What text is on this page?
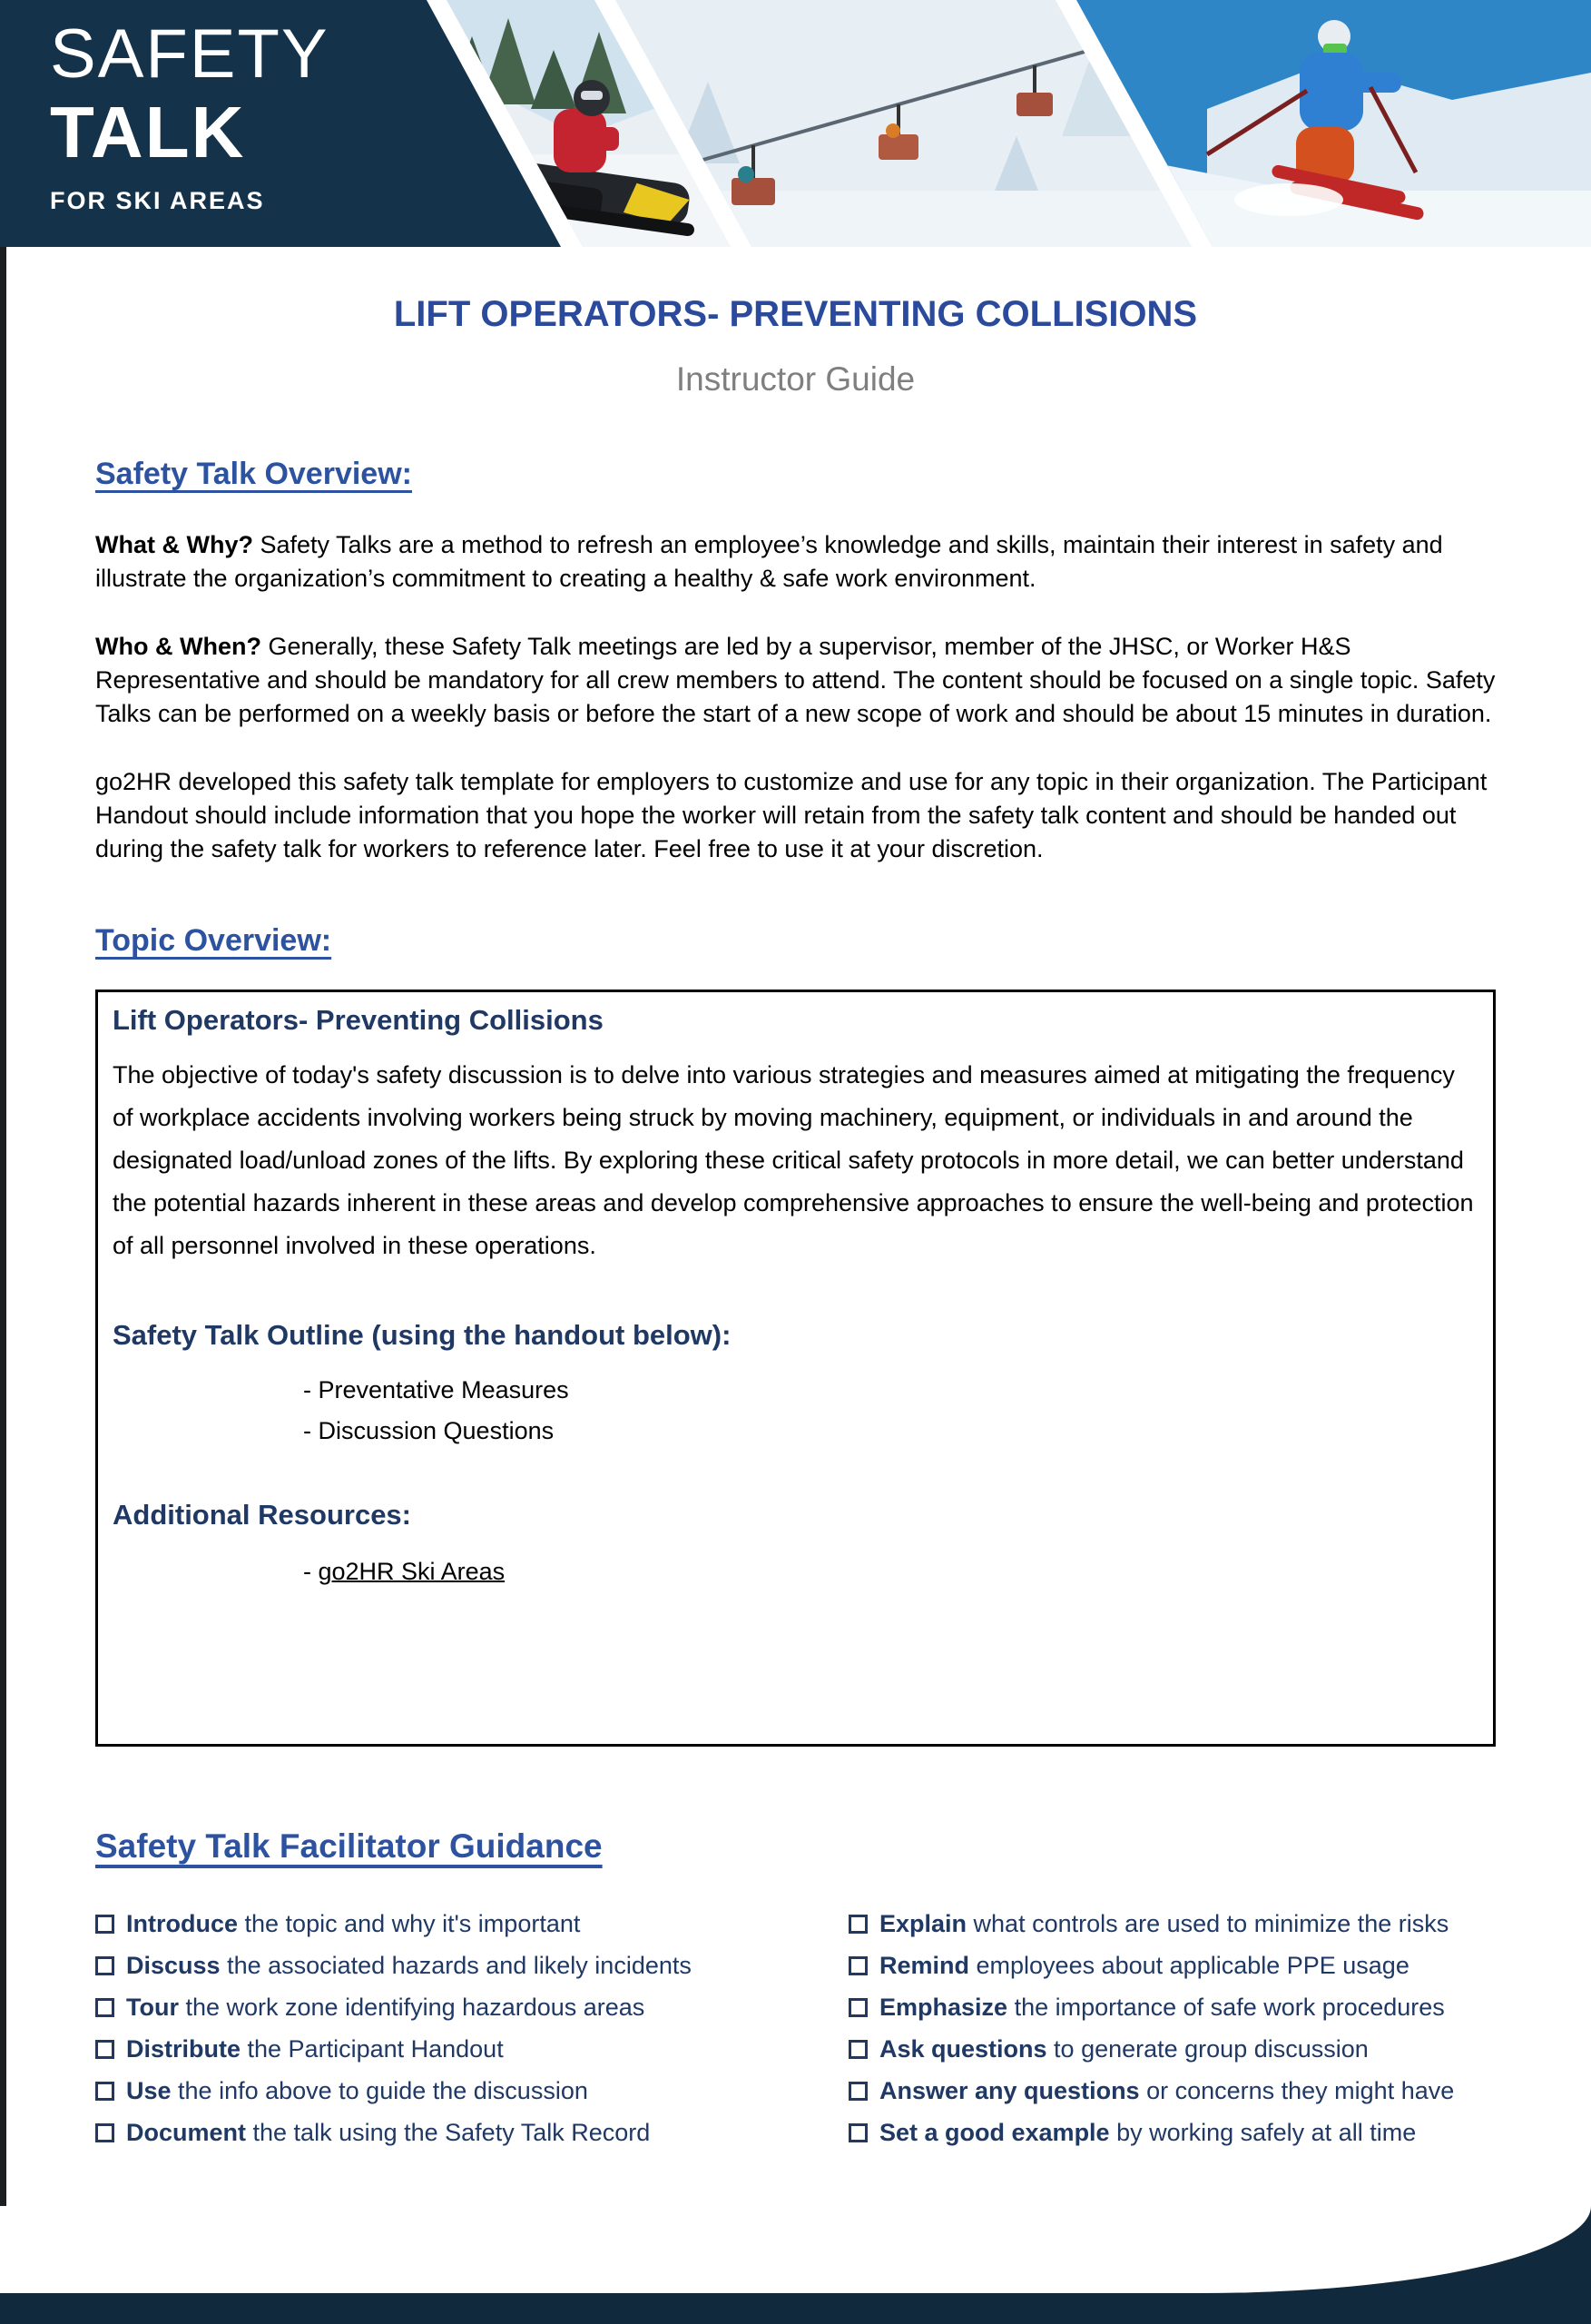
SAFETY
TALK
FOR SKI AREAS
LIFT OPERATORS- PREVENTING COLLISIONS
Instructor Guide
Safety Talk Overview:
What & Why? Safety Talks are a method to refresh an employee’s knowledge and skills, maintain their interest in safety and illustrate the organization’s commitment to creating a healthy & safe work environment.
Who & When? Generally, these Safety Talk meetings are led by a supervisor, member of the JHSC, or Worker H&S Representative and should be mandatory for all crew members to attend. The content should be focused on a single topic. Safety Talks can be performed on a weekly basis or before the start of a new scope of work and should be about 15 minutes in duration.
go2HR developed this safety talk template for employers to customize and use for any topic in their organization. The Participant Handout should include information that you hope the worker will retain from the safety talk content and should be handed out during the safety talk for workers to reference later. Feel free to use it at your discretion.
Topic Overview:
Lift Operators- Preventing Collisions
The objective of today's safety discussion is to delve into various strategies and measures aimed at mitigating the frequency of workplace accidents involving workers being struck by moving machinery, equipment, or individuals in and around the designated load/unload zones of the lifts. By exploring these critical safety protocols in more detail, we can better understand the potential hazards inherent in these areas and develop comprehensive approaches to ensure the well-being and protection of all personnel involved in these operations.
Safety Talk Outline (using the handout below):
- Preventative Measures
- Discussion Questions
Additional Resources:
- go2HR Ski Areas
Safety Talk Facilitator Guidance
Introduce the topic and why it's important
Discuss the associated hazards and likely incidents
Tour the work zone identifying hazardous areas
Distribute the Participant Handout
Use the info above to guide the discussion
Document the talk using the Safety Talk Record
Explain what controls are used to minimize the risks
Remind employees about applicable PPE usage
Emphasize the importance of safe work procedures
Ask questions to generate group discussion
Answer any questions or concerns they might have
Set a good example by working safely at all time
